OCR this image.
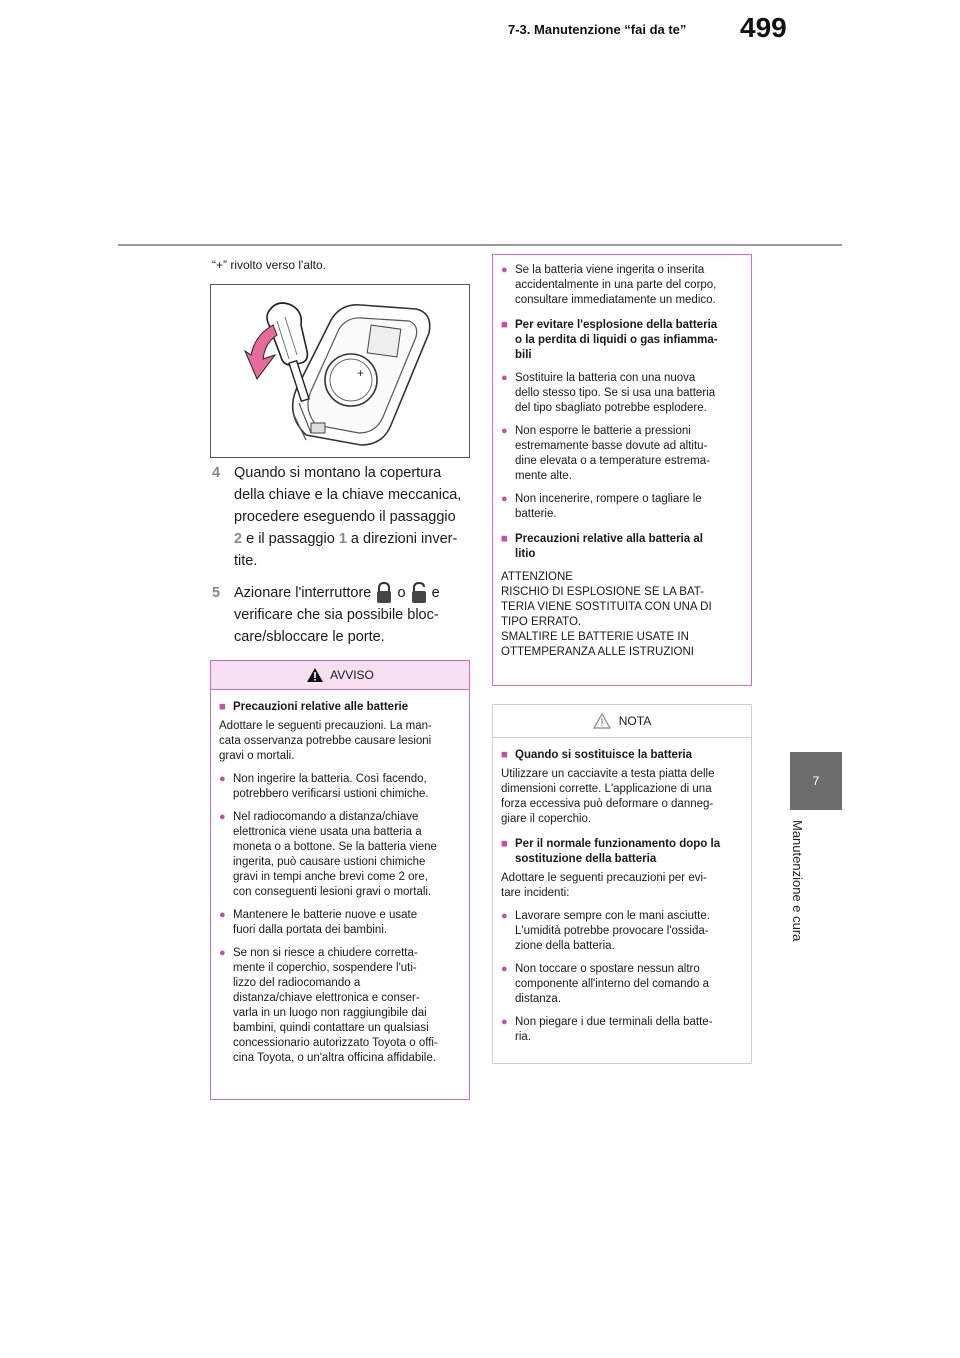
7-3. Manutenzione “fai da te” 499
7
Manutenzione e cura
“+” rivolto verso l'alto.
+
4 Quando si montano la copertura
della chiave e la chiave meccanica,
procedere eseguendo il passaggio
2 e il passaggio 1 a direzioni inver-
tite.
5 Azionare l'interruttore o e
verificare che sia possibile bloc-
care/sbloccare le porte.
AVVISO
■ Precauzioni relative alle batterie
Adottare le seguenti precauzioni. La man-
cata osservanza potrebbe causare lesioni
gravi o mortali.
● Non ingerire la batteria. Così facendo,
potrebbero verificarsi ustioni chimiche.
● Nel radiocomando a distanza/chiave
elettronica viene usata una batteria a
moneta o a bottone. Se la batteria viene
ingerita, può causare ustioni chimiche
gravi in tempi anche brevi come 2 ore,
con conseguenti lesioni gravi o mortali.
● Mantenere le batterie nuove e usate
fuori dalla portata dei bambini.
● Se non si riesce a chiudere corretta-
mente il coperchio, sospendere l'uti-
lizzo del radiocomando a
distanza/chiave elettronica e conser-
varla in un luogo non raggiungibile dai
bambini, quindi contattare un qualsiasi
concessionario autorizzato Toyota o offi-
cina Toyota, o un'altra officina affidabile.
● Se la batteria viene ingerita o inserita
accidentalmente in una parte del corpo,
consultare immediatamente un medico.
■ Per evitare l'esplosione della batteria
o la perdita di liquidi o gas infiamma-
bili
● Sostituire la batteria con una nuova
dello stesso tipo. Se si usa una batteria
del tipo sbagliato potrebbe esplodere.
● Non esporre le batterie a pressioni
estremamente basse dovute ad altitu-
dine elevata o a temperature estrema-
mente alte.
● Non incenerire, rompere o tagliare le
batterie.
■ Precauzioni relative alla batteria al
litio
ATTENZIONE
RISCHIO DI ESPLOSIONE SE LA BAT-
TERIA VIENE SOSTITUITA CON UNA DI
TIPO ERRATO.
SMALTIRE LE BATTERIE USATE IN
OTTEMPERANZA ALLE ISTRUZIONI
NOTA
■ Quando si sostituisce la batteria
Utilizzare un cacciavite a testa piatta delle
dimensioni corrette. L'applicazione di una
forza eccessiva può deformare o danneg-
giare il coperchio.
■ Per il normale funzionamento dopo la
sostituzione della batteria
Adottare le seguenti precauzioni per evi-
tare incidenti:
● Lavorare sempre con le mani asciutte.
L'umidità potrebbe provocare l'ossida-
zione della batteria.
● Non toccare o spostare nessun altro
componente all'interno del comando a
distanza.
● Non piegare i due terminali della batte-
ria.
